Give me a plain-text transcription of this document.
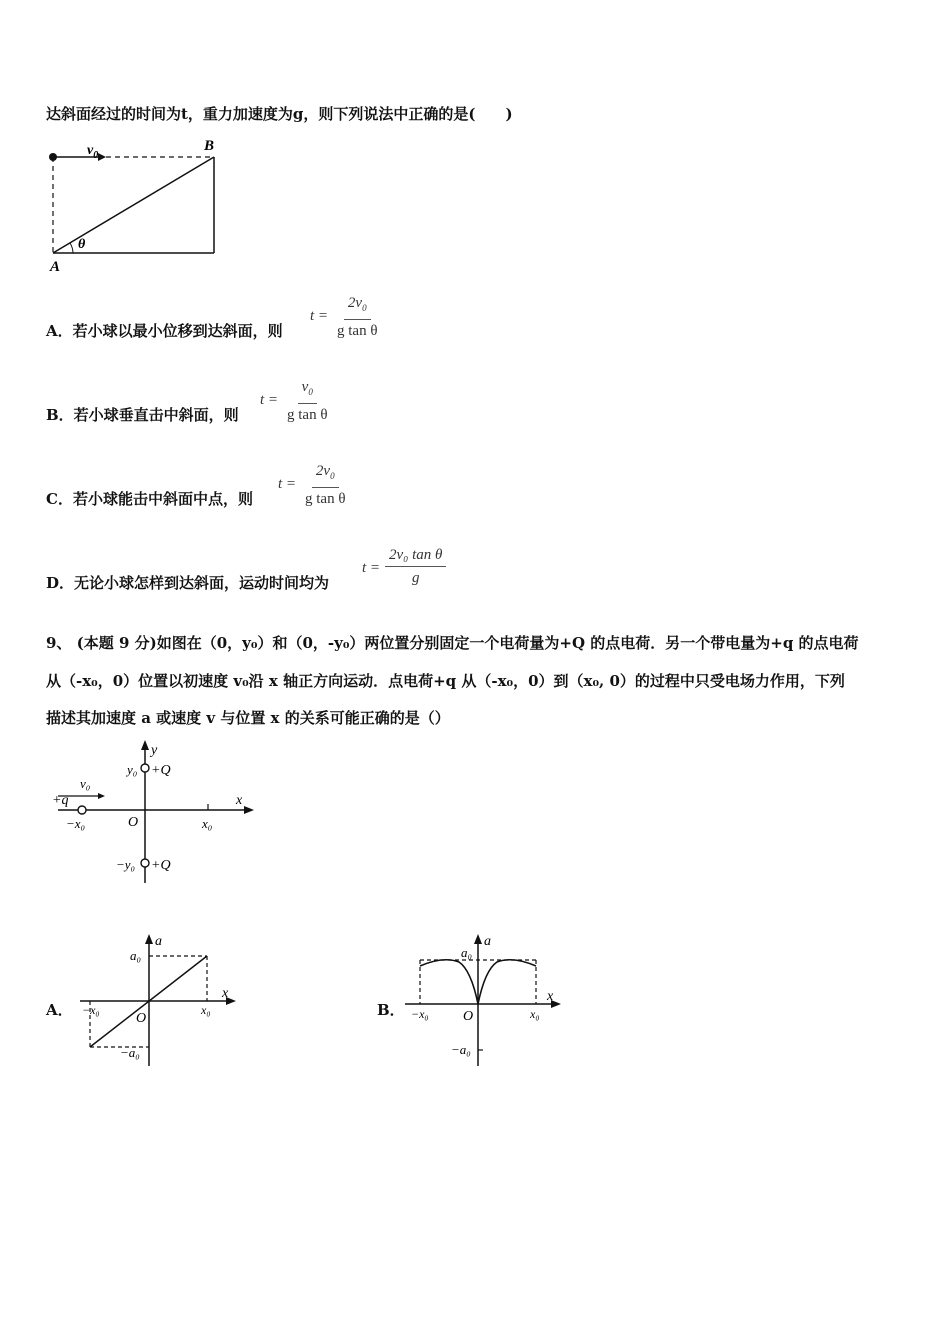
达斜面经过的时间为t，重力加速度为g，则下列说法中正确的是(　　)
$v_0$
B
A
θ
A．若小球以最小位移到达斜面，则
$t = \frac{2v_0}{\text{g tan θ}}$
B．若小球垂直击中斜面，则
$t = \frac{v_0}{\text{g tan θ}}$
C．若小球能击中斜面中点，则
$t = \frac{2v_0}{\text{g tan θ}}$
D．无论小球怎样到达斜面，运动时间均为
$t = \frac{\text{2v₀ tan θ}}{g}$
9、 (本题 9 分)如图在（0，y₀）和（0，-y₀）两位置分别固定一个电荷量为+Q 的点电荷．另一个带电量为+q 的点电荷
从（-x₀，0）位置以初速度 v₀沿 x 轴正方向运动．点电荷+q 从（-x₀，0）到（x₀, 0）的过程中只受电场力作用，下列
描述其加速度 a 或速度 v 与位置 x 的关系可能正确的是（）
y
x
O
y₀ +Q
−y₀ +Q
+q
v₀
−x₀	x₀
A．
a
x
a₀
−a₀
−x₀	x₀
O	B．
a
x
a₀
−a₀
−x₀	x₀
O
